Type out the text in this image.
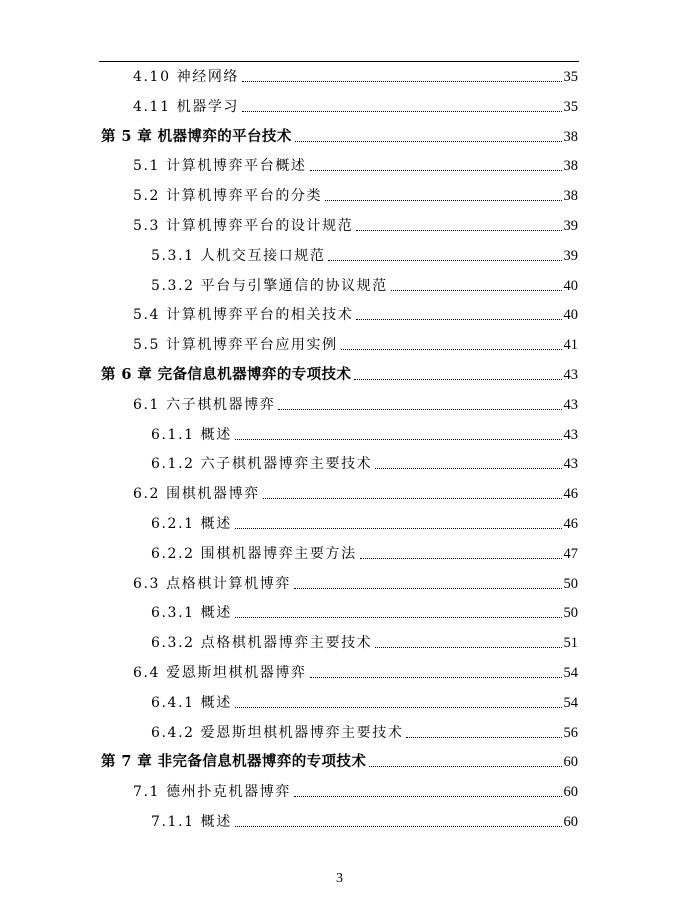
4.10 神经网络	35
4.11 机器学习	35
第 5 章 机器博弈的平台技术	38
5.1 计算机博弈平台概述	38
5.2 计算机博弈平台的分类	38
5.3 计算机博弈平台的设计规范	39
5.3.1 人机交互接口规范	39
5.3.2 平台与引擎通信的协议规范	40
5.4 计算机博弈平台的相关技术	40
5.5 计算机博弈平台应用实例	41
第 6 章 完备信息机器博弈的专项技术	43
6.1 六子棋机器博弈	43
6.1.1 概述	43
6.1.2 六子棋机器博弈主要技术	43
6.2 围棋机器博弈	46
6.2.1 概述	46
6.2.2 围棋机器博弈主要方法	47
6.3 点格棋计算机博弈	50
6.3.1 概述	50
6.3.2 点格棋机器博弈主要技术	51
6.4 爱恩斯坦棋机器博弈	54
6.4.1 概述	54
6.4.2 爱恩斯坦棋机器博弈主要技术	56
第 7 章 非完备信息机器博弈的专项技术	60
7.1 德州扑克机器博弈	60
7.1.1 概述	60
3
